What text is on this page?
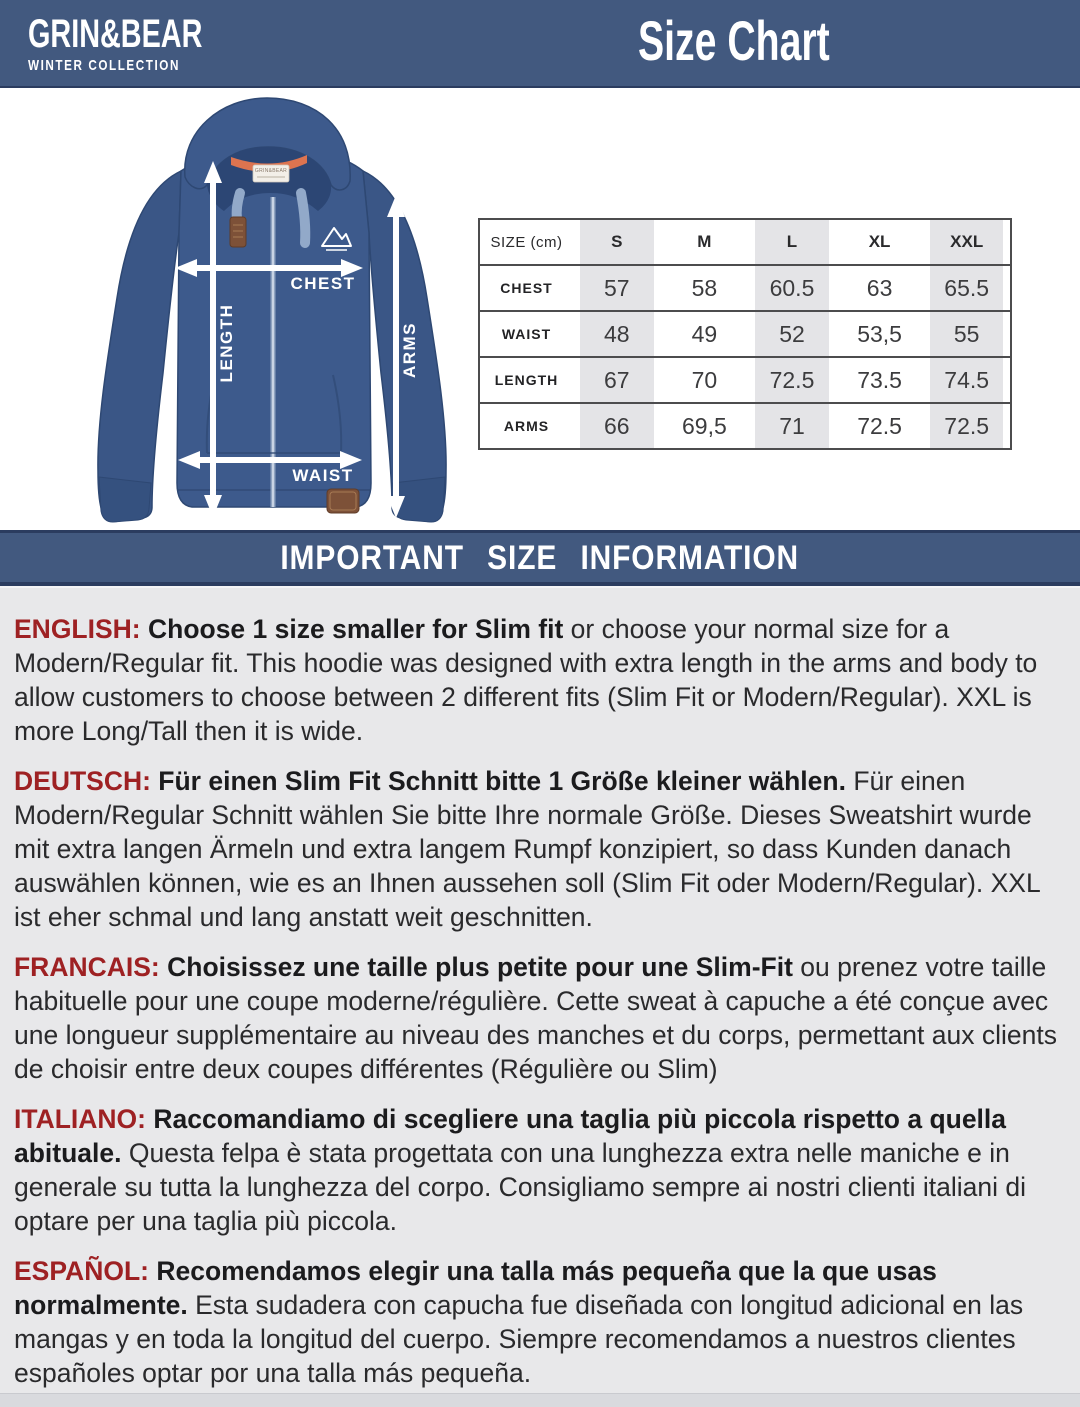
GRIN&BEAR
WINTER COLLECTION	Size Chart
GRIN&BEAR
CHEST
LENGTH	ARMS
WAIST
SIZE (cm)	S	M	L	XL	XXL
CHEST	57	58	60.5	63	65.5
WAIST	48	49	52	53,5	55
LENGTH	67	70	72.5	73.5	74.5
ARMS	66	69,5	71	72.5	72.5
IMPORTANT SIZE INFORMATION

ENGLISH: Choose 1 size smaller for Slim fit or choose your normal size for a Modern/Regular fit. This hoodie was designed with extra length in the arms and body to allow customers to choose between 2 different fits (Slim Fit or Modern/Regular). XXL is more Long/Tall then it is wide.

DEUTSCH: Für einen Slim Fit Schnitt bitte 1 Größe kleiner wählen. Für einen Modern/Regular Schnitt wählen Sie bitte Ihre normale Größe. Dieses Sweatshirt wurde mit extra langen Ärmeln und extra langem Rumpf konzipiert, so dass Kunden danach auswählen können, wie es an Ihnen aussehen soll (Slim Fit oder Modern/Regular). XXL ist eher schmal und lang anstatt weit geschnitten.

FRANCAIS: Choisissez une taille plus petite pour une Slim-Fit ou prenez votre taille habituelle pour une coupe moderne/régulière. Cette sweat à capuche a été conçue avec une longueur supplémentaire au niveau des manches et du corps, permettant aux clients de choisir entre deux coupes différentes (Régulière ou Slim)

ITALIANO: Raccomandiamo di scegliere una taglia più piccola rispetto a quella abituale. Questa felpa è stata progettata con una lunghezza extra nelle maniche e in generale su tutta la lunghezza del corpo. Consigliamo sempre ai nostri clienti italiani di optare per una taglia più piccola.

ESPAÑOL: Recomendamos elegir una talla más pequeña que la que usas normalmente. Esta sudadera con capucha fue diseñada con longitud adicional en las mangas y en toda la longitud del cuerpo. Siempre recomendamos a nuestros clientes españoles optar por una talla más pequeña.
